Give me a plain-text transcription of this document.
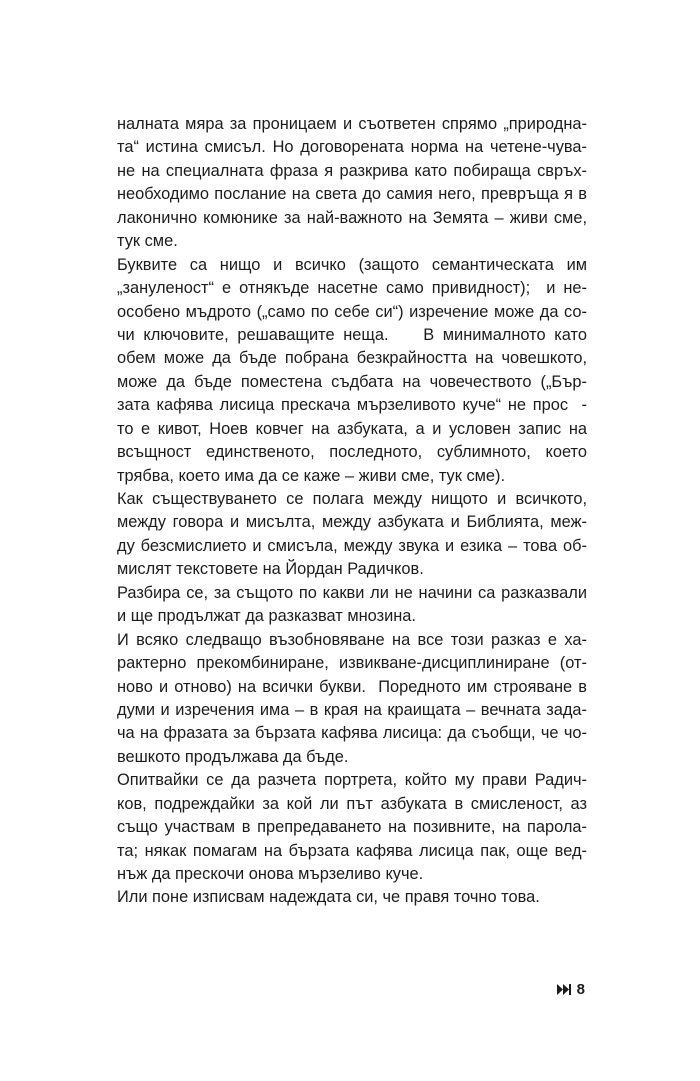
налната мяра за проницаем и съответен спрямо „природна-
та“ истина смисъл. Но договорената норма на четене-чува-
не на специалната фраза я разкрива като побираща свръх-
необходимо послание на света до самия него, превръща я в
лаконично комюнике за най-важното на Земята – живи сме,
тук сме.
Буквите са нищо и всичко (защото семантическата им
„зануленост“ е отнякъде насетне само привидност);  и не-
особено мъдрото („само по себе си“) изречение може да со-
чи ключовите, решаващите неща.    В минималното като
обем може да бъде побрана безкрайността на човешкото,
може да бъде поместена съдбата на човечеството („Бър-
зата кафява лисица прескача мързеливото куче“ не прос  -
то е кивот, Ноев ковчег на азбуката, а и условен запис на
всъщност единственото, последното, сублимното, което
трябва, което има да се каже – живи сме, тук сме).
Как съществуването се полага между нищото и всичкото,
между говора и мисълта, между азбуката и Библията, меж-
ду безсмислието и смисъла, между звука и езика – това об-
мислят текстовете на Йордан Радичков.
Разбира се, за същото по какви ли не начини са разказвали
и ще продължат да разказват мнозина.
И всяко следващо възобновяване на все този разказ е ха-
рактерно прекомбиниране, извикване-дисциплиниране (от-
ново и отново) на всички букви.  Поредното им строяване в
думи и изречения има – в края на краищата – вечната зада-
ча на фразата за бързата кафява лисица: да съобщи, че чо-
вешкото продължава да бъде.
Опитвайки се да разчета портрета, който му прави Радич-
ков, подреждайки за кой ли път азбуката в смисленост, аз
също участвам в препредаването на позивните, на парола-
та; някак помагам на бързата кафява лисица пак, още вед-
нъж да прескочи онова мързеливо куче.
Или поне изписвам надеждата си, че правя точно това.
8
